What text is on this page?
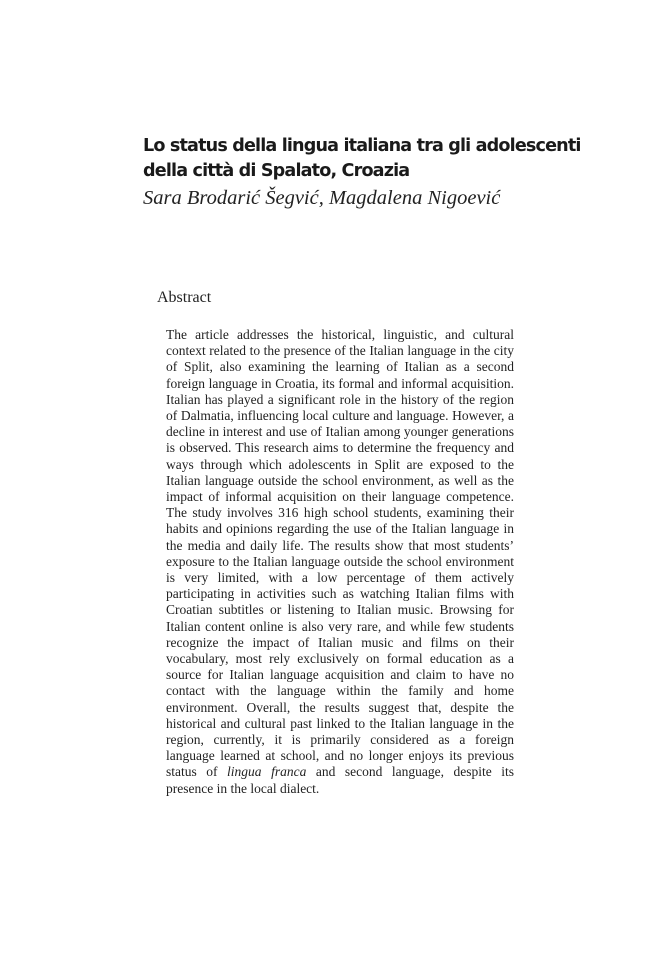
Lo status della lingua italiana tra gli adolescenti
della città di Spalato, Croazia
Sara Brodarić Šegvić, Magdalena Nigoević
Abstract
The article addresses the historical, linguistic, and cultural context related to the presence of the Italian language in the city of Split, also examining the learning of Italian as a second foreign language in Croatia, its formal and informal acquisition. Italian has played a significant role in the history of the region of Dalmatia, influencing local culture and language. However, a decline in interest and use of Italian among younger generations is observed. This research aims to determine the frequency and ways through which adolescents in Split are exposed to the Italian language outside the school environment, as well as the impact of informal acquisition on their language competence. The study involves 316 high school students, examining their habits and opinions regarding the use of the Italian language in the media and daily life. The results show that most students’ exposure to the Italian language outside the school environment is very limited, with a low percentage of them actively participating in activities such as watching Italian films with Croatian subtitles or listening to Italian music. Browsing for Italian content online is also very rare, and while few students recognize the impact of Italian music and films on their vocabulary, most rely exclusively on formal education as a source for Italian language acquisition and claim to have no contact with the language within the family and home environment. Overall, the results suggest that, despite the historical and cultural past linked to the Italian language in the region, currently, it is primarily considered as a foreign language learned at school, and no longer enjoys its previous status of lingua franca and second language, despite its presence in the local dialect.
